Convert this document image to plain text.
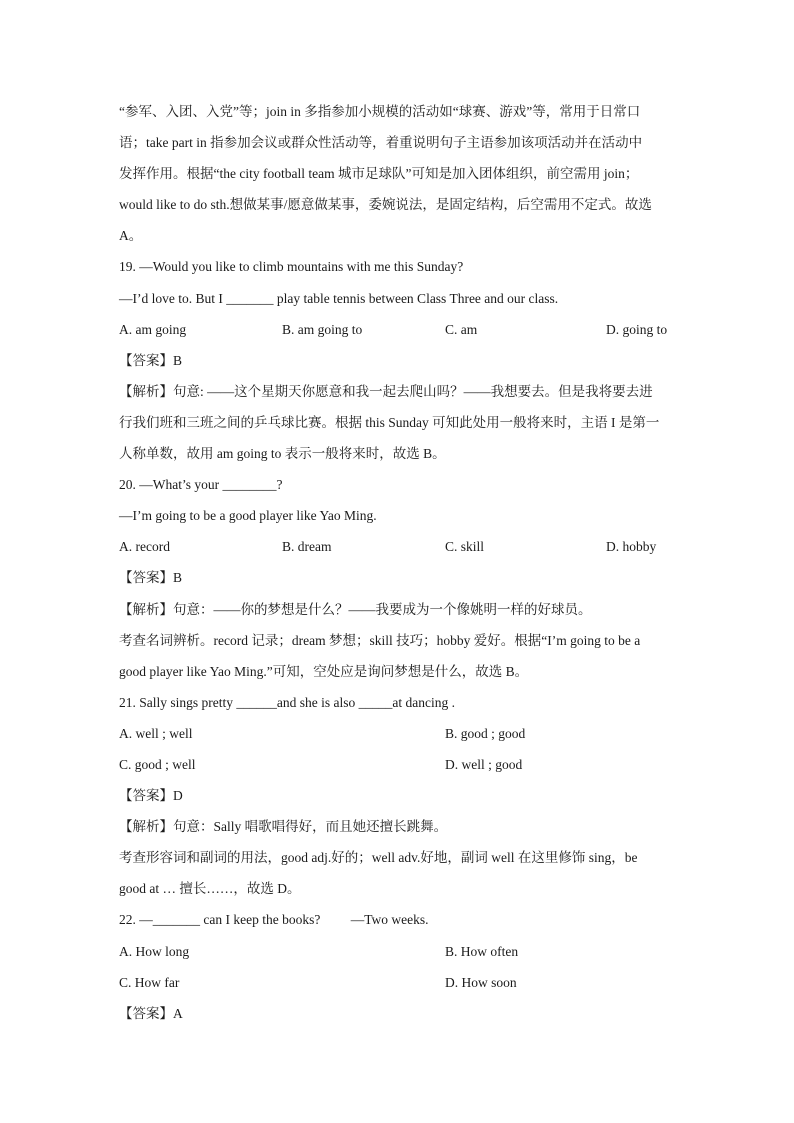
“参军、入团、入党”等；join in 多指参加小规模的活动如“球赛、游戏”等，常用于日常口
语；take part in 指参加会议或群众性活动等，着重说明句子主语参加该项活动并在活动中
发挥作用。根据“the city football team 城市足球队”可知是加入团体组织，前空需用 join；
would like to do sth.想做某事/愿意做某事，委婉说法，是固定结构，后空需用不定式。故选
A。
19. —Would you like to climb mountains with me this Sunday?
—I’d love to. But I _______ play table tennis between Class Three and our class.
A. am going	B. am going to	C. am	D. going to
【答案】B
【解析】句意: ——这个星期天你愿意和我一起去爬山吗？——我想要去。但是我将要去进
行我们班和三班之间的乒乓球比赛。根据 this Sunday 可知此处用一般将来时，主语 I 是第一
人称单数，故用 am going to 表示一般将来时，故选 B。
20. —What’s your ________?
—I’m going to be a good player like Yao Ming.
A. record	B. dream	C. skill	D. hobby
【答案】B
【解析】句意：——你的梦想是什么？——我要成为一个像姚明一样的好球员。
考查名词辨析。record 记录；dream 梦想；skill 技巧；hobby 爱好。根据“I’m going to be a
good player like Yao Ming.”可知，空处应是询问梦想是什么，故选 B。
21. Sally sings pretty ______and she is also _____at dancing .
A. well ; well	B. good ; good
C. good ; well	D. well ; good
【答案】D
【解析】句意：Sally 唱歌唱得好，而且她还擅长跳舞。
考查形容词和副词的用法，good adj.好的；well adv.好地，副词 well 在这里修饰 sing，be
good at … 擅长……，故选 D。
22. —_______ can I keep the books?         —Two weeks.
A. How long	B. How often
C. How far	D. How soon
【答案】A
